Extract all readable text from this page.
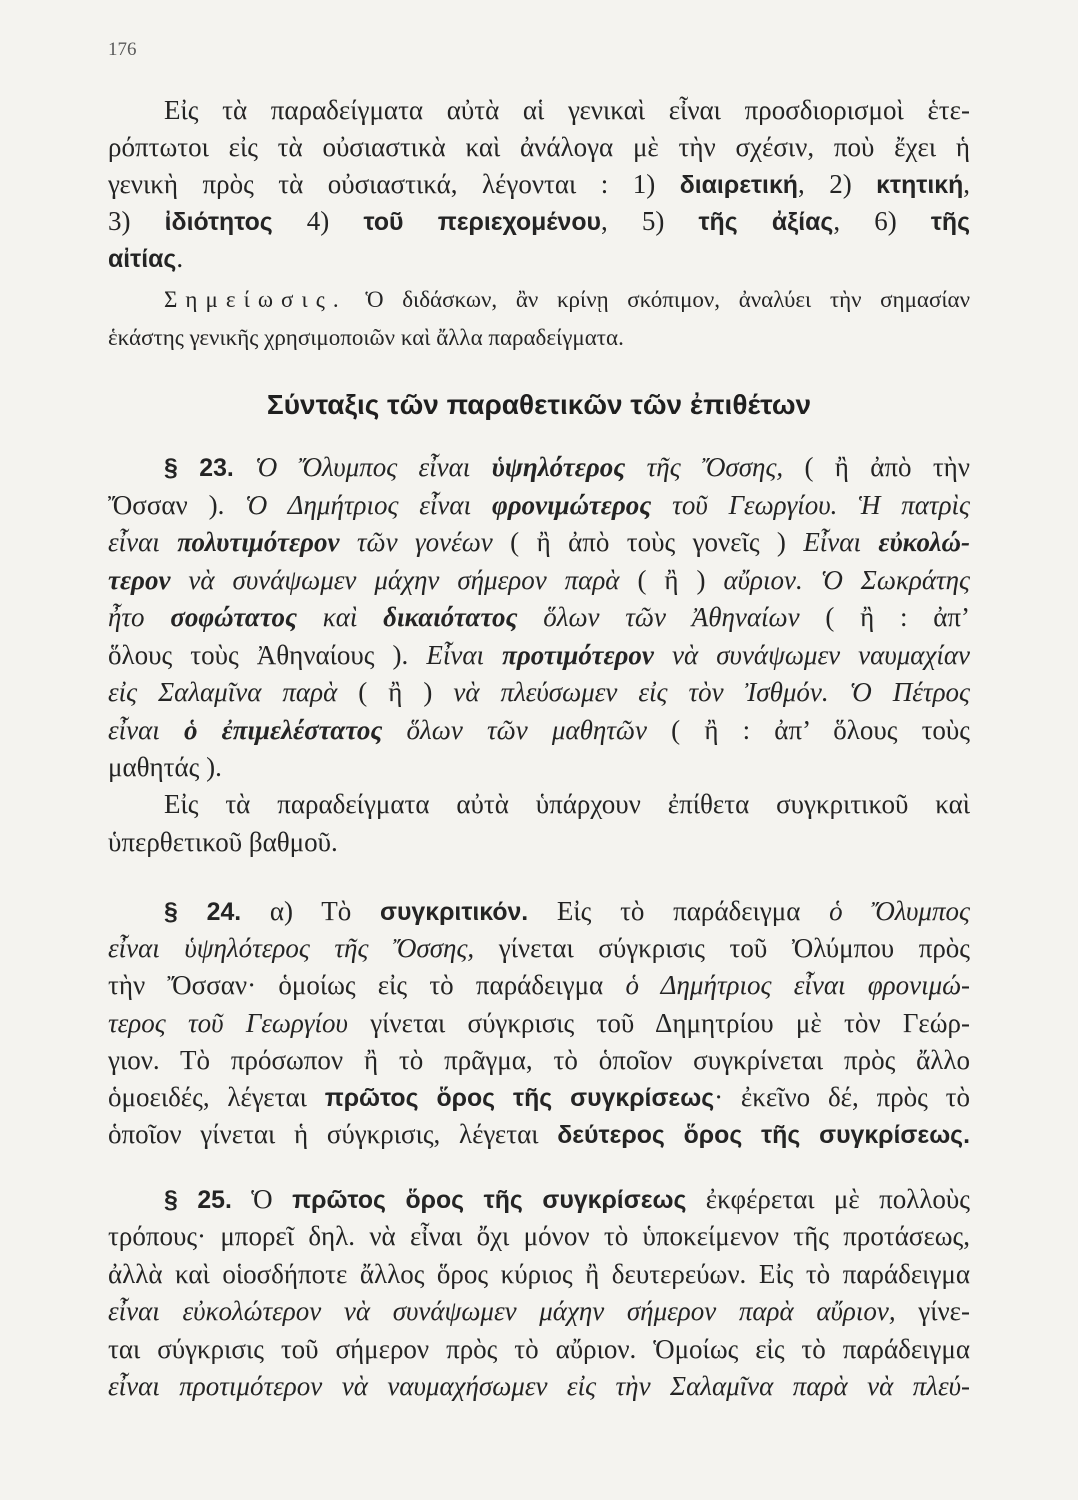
176
Εἰς τὰ παραδείγματα αὐτὰ αἱ γενικαὶ εἶναι προσδιορισμοὶ ἑτε-
ρόπτωτοι εἰς τὰ οὐσιαστικὰ καὶ ἀνάλογα μὲ τὴν σχέσιν, ποὺ ἔχει ἡ
γενικὴ πρὸς τὰ οὐσιαστικά, λέγονται : 1) διαιρετική, 2) κτητική,
3) ἰδιότητος 4) τοῦ περιεχομένου, 5) τῆς ἀξίας, 6) τῆς
αἰτίας.
Σημείωσις. Ὁ διδάσκων, ἂν κρίνῃ σκόπιμον, ἀναλύει τὴν σημασίαν
ἑκάστης γενικῆς χρησιμοποιῶν καὶ ἄλλα παραδείγματα.
Σύνταξις τῶν παραθετικῶν τῶν ἐπιθέτων
§ 23. Ὁ Ὄλυμπος εἶναι ὑψηλότερος τῆς Ὄσσης, ( ἢ ἀπὸ τὴν
Ὄσσαν ). Ὁ Δημήτριος εἶναι φρονιμώτερος τοῦ Γεωργίου. Ἡ πατρὶς
εἶναι πολυτιμότερον τῶν γονέων ( ἢ ἀπὸ τοὺς γονεῖς ) Εἶναι εὐκολώ-
τερον νὰ συνάψωμεν μάχην σήμερον παρὰ ( ἢ ) αὔριον. Ὁ Σωκράτης
ἦτο σοφώτατος καὶ δικαιότατος ὅλων τῶν Ἀθηναίων ( ἢ : ἀπ’
ὅλους τοὺς Ἀθηναίους ). Εἶναι προτιμότερον νὰ συνάψωμεν ναυμαχίαν
εἰς Σαλαμῖνα παρὰ ( ἢ ) νὰ πλεύσωμεν εἰς τὸν Ἰσθμόν. Ὁ Πέτρος
εἶναι ὁ ἐπιμελέστατος ὅλων τῶν μαθητῶν ( ἢ : ἀπ’ ὅλους τοὺς
μαθητάς ).
Εἰς τὰ παραδείγματα αὐτὰ ὑπάρχουν ἐπίθετα συγκριτικοῦ καὶ
ὑπερθετικοῦ βαθμοῦ.
§ 24. α) Τὸ συγκριτικόν. Εἰς τὸ παράδειγμα ὁ Ὄλυμπος
εἶναι ὑψηλότερος τῆς Ὄσσης, γίνεται σύγκρισις τοῦ Ὀλύμπου πρὸς
τὴν Ὄσσαν· ὁμοίως εἰς τὸ παράδειγμα ὁ Δημήτριος εἶναι φρονιμώ-
τερος τοῦ Γεωργίου γίνεται σύγκρισις τοῦ Δημητρίου μὲ τὸν Γεώρ-
γιον. Τὸ πρόσωπον ἢ τὸ πρᾶγμα, τὸ ὁποῖον συγκρίνεται πρὸς ἄλλο
ὁμοειδές, λέγεται πρῶτος ὅρος τῆς συγκρίσεως· ἐκεῖνο δέ, πρὸς τὸ
ὁποῖον γίνεται ἡ σύγκρισις, λέγεται δεύτερος ὅρος τῆς συγκρίσεως.
§ 25. Ὁ πρῶτος ὅρος τῆς συγκρίσεως ἐκφέρεται μὲ πολλοὺς
τρόπους· μπορεῖ δηλ. νὰ εἶναι ὄχι μόνον τὸ ὑποκείμενον τῆς προτάσεως,
ἀλλὰ καὶ οἱοσδήποτε ἄλλος ὅρος κύριος ἢ δευτερεύων. Εἰς τὸ παράδειγμα
εἶναι εὐκολώτερον νὰ συνάψωμεν μάχην σήμερον παρὰ αὔριον, γίνε-
ται σύγκρισις τοῦ σήμερον πρὸς τὸ αὔριον. Ὁμοίως εἰς τὸ παράδειγμα
εἶναι προτιμότερον νὰ ναυμαχήσωμεν εἰς τὴν Σαλαμῖνα παρὰ νὰ πλεύ-
